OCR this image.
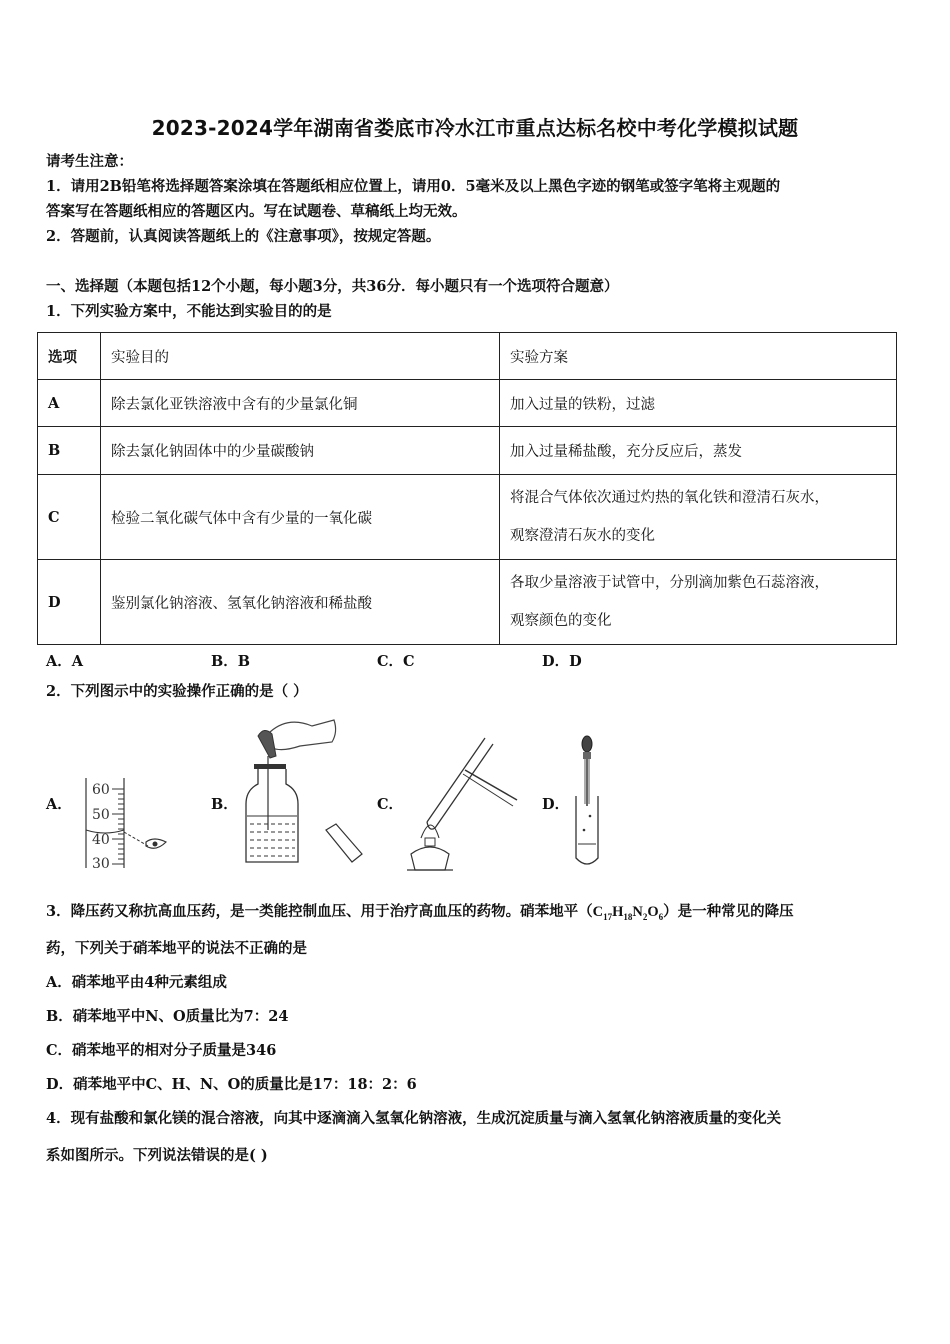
2023-2024学年湖南省娄底市冷水江市重点达标名校中考化学模拟试题
请考生注意：
1．请用2B铅笔将选择题答案涂填在答题纸相应位置上，请用0．5毫米及以上黑色字迹的钢笔或签字笔将主观题的
答案写在答题纸相应的答题区内。写在试题卷、草稿纸上均无效。
2．答题前，认真阅读答题纸上的《注意事项》，按规定答题。
一、选择题（本题包括12个小题，每小题3分，共36分．每小题只有一个选项符合题意）
1．下列实验方案中，不能达到实验目的的是
选项	实验目的	实验方案
A	除去氯化亚铁溶液中含有的少量氯化铜	加入过量的铁粉，过滤
B	除去氯化钠固体中的少量碳酸钠	加入过量稀盐酸，充分反应后，蒸发
C	检验二氧化碳气体中含有少量的一氧化碳	将混合气体依次通过灼热的氧化铁和澄清石灰水，
观察澄清石灰水的变化

D	鉴别氯化钠溶液、氢氧化钠溶液和稀盐酸	各取少量溶液于试管中，分别滴加紫色石蕊溶液，
观察颜色的变化
A．A	B．B	C．C	D．D
2．下列图示中的实验操作正确的是（ ）
A．	B．	C．	D．
60
50
40
30
3．降压药又称抗高血压药，是一类能控制血压、用于治疗高血压的药物。硝苯地平$(C_{17}H_{18}N_2O_6)$是一种常见的降压
药，下列关于硝苯地平的说法不正确的是
A．硝苯地平由4种元素组成
B．硝苯地平中N、O质量比为7：24
C．硝苯地平的相对分子质量是346
D．硝苯地平中C、H、N、O的质量比是17：18：2：6
4．现有盐酸和氯化镁的混合溶液，向其中逐滴滴入氢氧化钠溶液，生成沉淀质量与滴入氢氧化钠溶液质量的变化关
系如图所示。下列说法错误的是( )
